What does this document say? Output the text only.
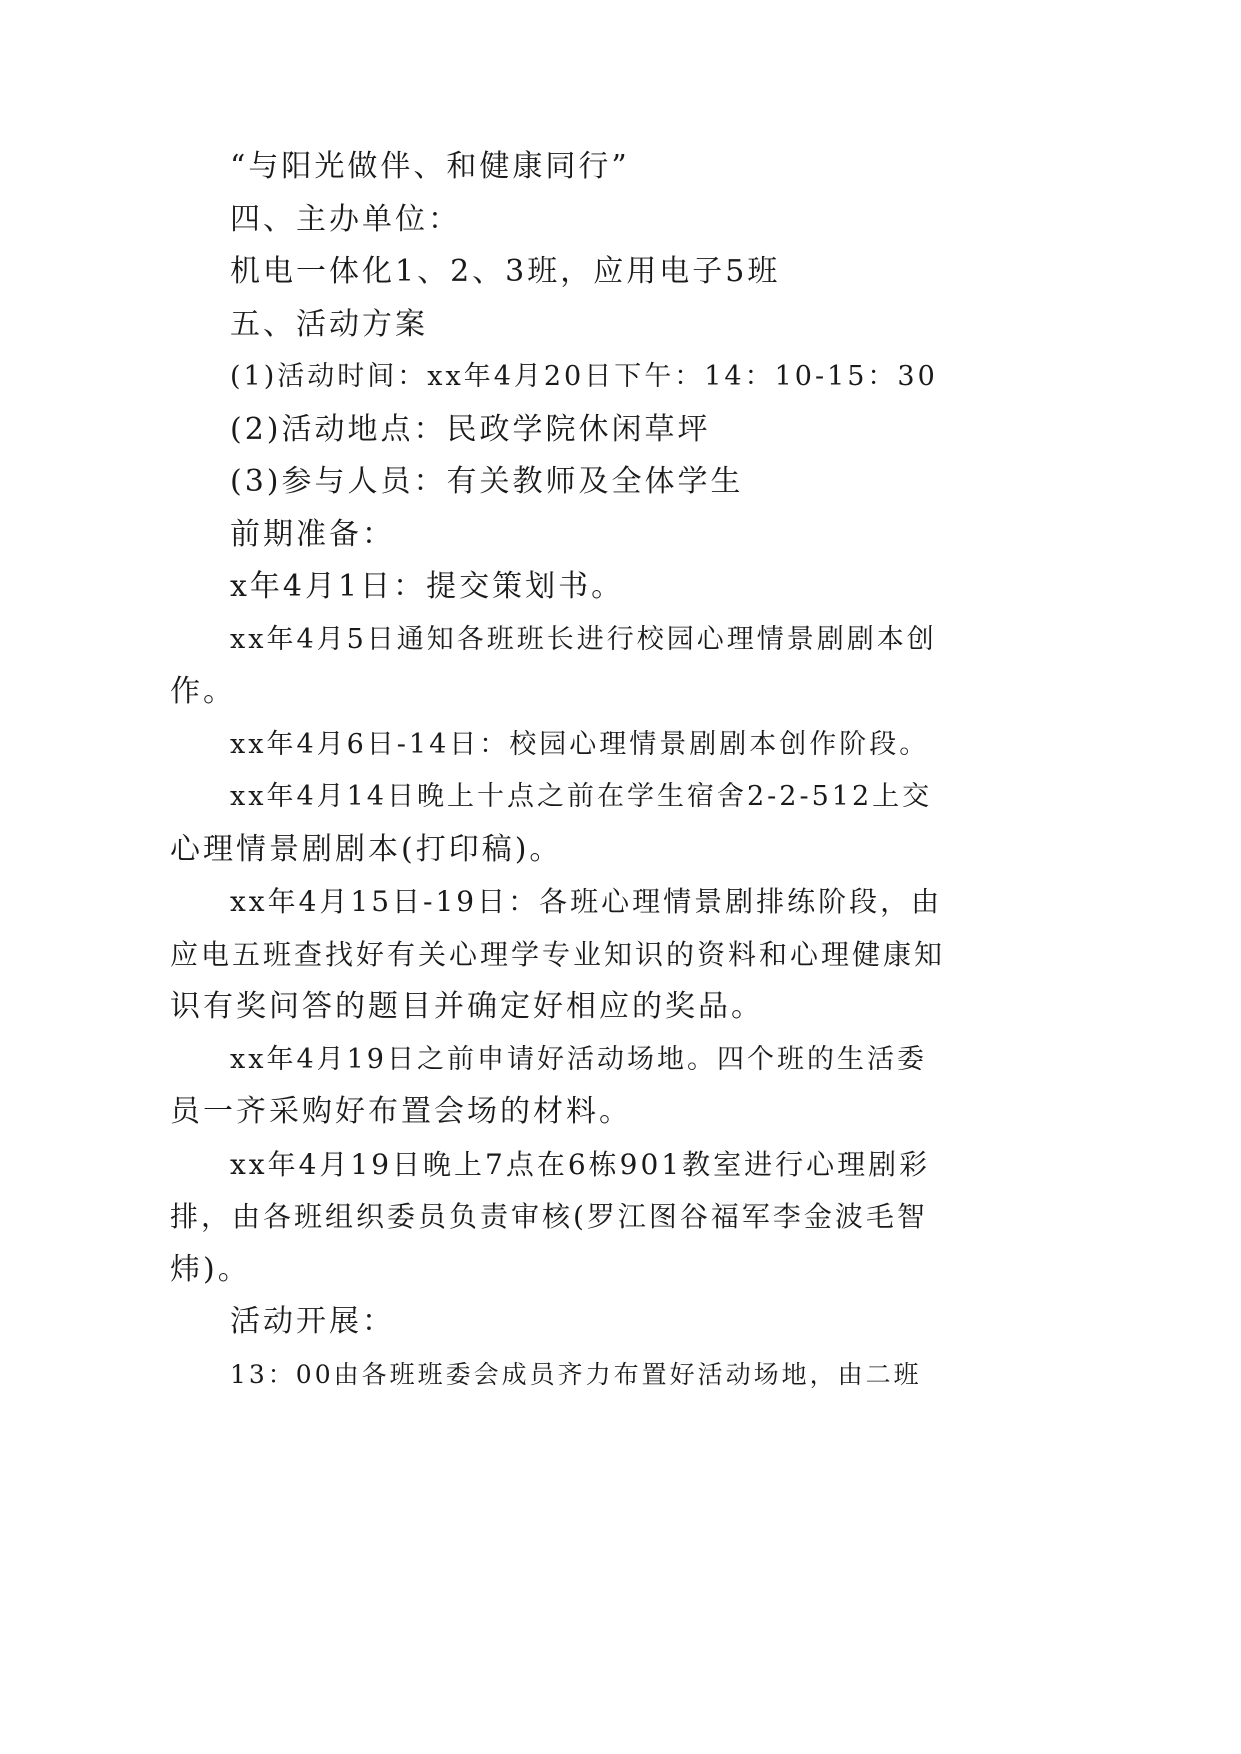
“与阳光做伴、和健康同行”
四、主办单位：
机电一体化1、2、3班，应用电子5班
五、活动方案
(1)活动时间：xx年4月20日下午：14：10-15：30
(2)活动地点：民政学院休闲草坪
(3)参与人员：有关教师及全体学生
前期准备：
x年4月1日：提交策划书。
xx年4月5日通知各班班长进行校园心理情景剧剧本创
作。
xx年4月6日-14日：校园心理情景剧剧本创作阶段。
xx年4月14日晚上十点之前在学生宿舍2-2-512上交
心理情景剧剧本(打印稿)。
xx年4月15日-19日：各班心理情景剧排练阶段，由
应电五班查找好有关心理学专业知识的资料和心理健康知
识有奖问答的题目并确定好相应的奖品。
xx年4月19日之前申请好活动场地。四个班的生活委
员一齐采购好布置会场的材料。
xx年4月19日晚上7点在6栋901教室进行心理剧彩
排，由各班组织委员负责审核(罗江图谷福军李金波毛智
炜)。
活动开展：
13：00由各班班委会成员齐力布置好活动场地，由二班
